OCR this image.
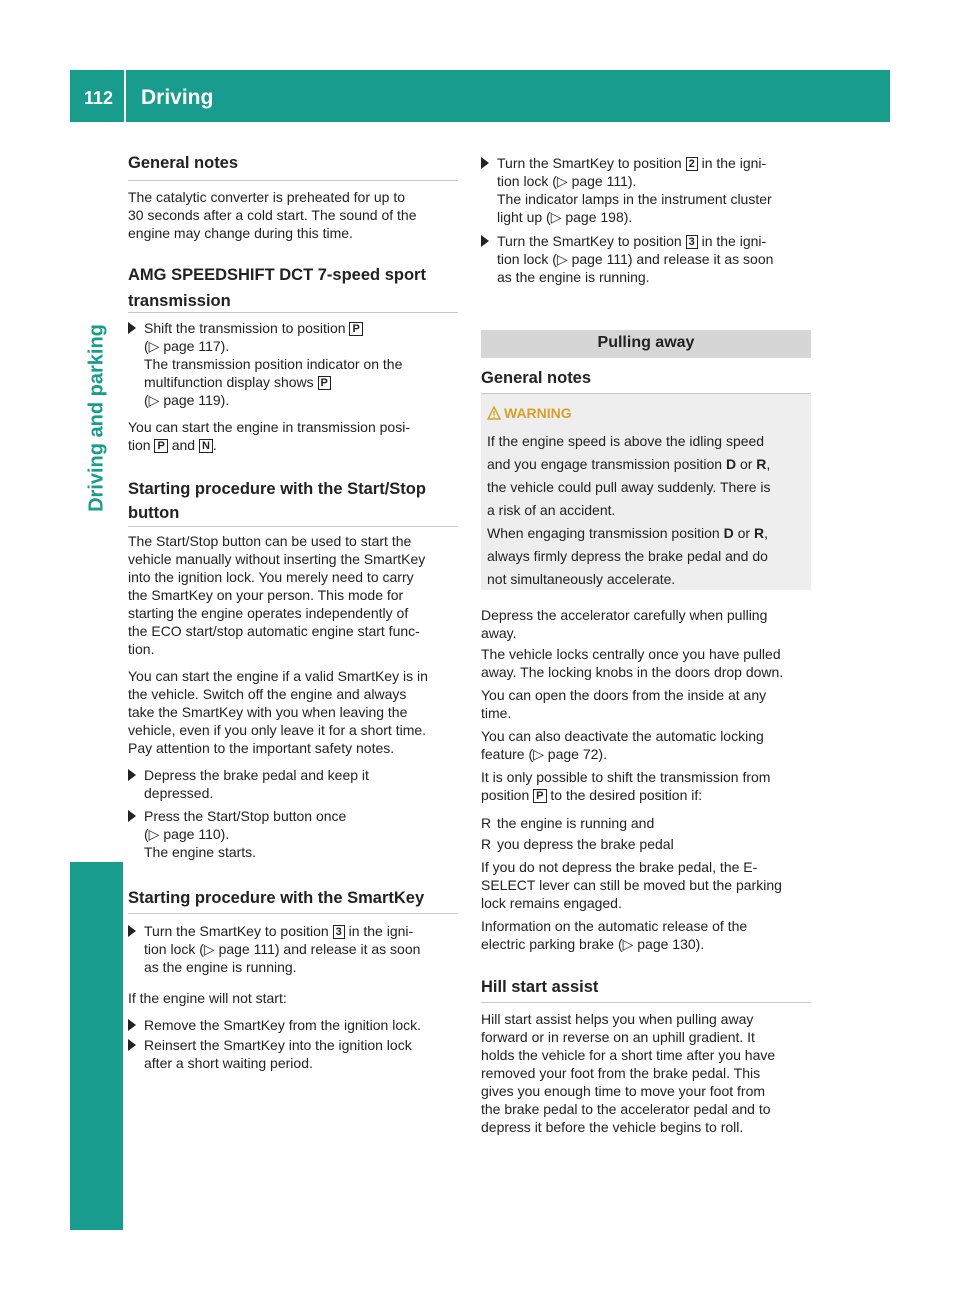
112 Driving
Driving and parking
General notes

The catalytic converter is preheated for up to

30 seconds after a cold start. The sound of the

engine may change during this time.

AMG SPEEDSHIFT DCT 7-speed sport
transmission
Shift the transmission to position P
(▷ page 117).
The transmission position indicator on the
multifunction display shows P
(▷ page 119).

You can start the engine in transmission posi-

tion P and N .

Starting procedure with the Start/Stop
button

The Start/Stop button can be used to start the

vehicle manually without inserting the SmartKey

into the ignition lock. You merely need to carry

the SmartKey on your person. This mode for

starting the engine operates independently of

the ECO start/stop automatic engine start func-

tion.

You can start the engine if a valid SmartKey is in

the vehicle. Switch off the engine and always

take the SmartKey with you when leaving the

vehicle, even if you only leave it for a short time.

Pay attention to the important safety notes.

Depress the brake pedal and keep it
depressed.
Press the Start/Stop button once
(▷ page 110).
The engine starts.
Starting procedure with the SmartKey
Turn the SmartKey to position 3 in the igni-
tion lock (▷ page 111) and release it as soon
as the engine is running.

If the engine will not start:

Remove the SmartKey from the ignition lock.
Reinsert the SmartKey into the ignition lock
after a short waiting period.
Turn the SmartKey to position 2 in the igni-
tion lock (▷ page 111).
The indicator lamps in the instrument cluster
light up (▷ page 198).
Turn the SmartKey to position 3 in the igni-
tion lock (▷ page 111) and release it as soon
as the engine is running.
Pulling away
General notes
WARNING

If the engine speed is above the idling speed

and you engage transmission position D or R,

the vehicle could pull away suddenly. There is

a risk of an accident.

When engaging transmission position D or R,

always firmly depress the brake pedal and do

not simultaneously accelerate.

Depress the accelerator carefully when pulling

away.

The vehicle locks centrally once you have pulled

away. The locking knobs in the doors drop down.

You can open the doors from the inside at any

time.

You can also deactivate the automatic locking

feature (▷ page 72).

It is only possible to shift the transmission from

position P to the desired position if:

R the engine is running and
R you depress the brake pedal

If you do not depress the brake pedal, the E-

SELECT lever can still be moved but the parking

lock remains engaged.

Information on the automatic release of the

electric parking brake (▷ page 130).

Hill start assist

Hill start assist helps you when pulling away

forward or in reverse on an uphill gradient. It

holds the vehicle for a short time after you have

removed your foot from the brake pedal. This

gives you enough time to move your foot from

the brake pedal to the accelerator pedal and to

depress it before the vehicle begins to roll.
